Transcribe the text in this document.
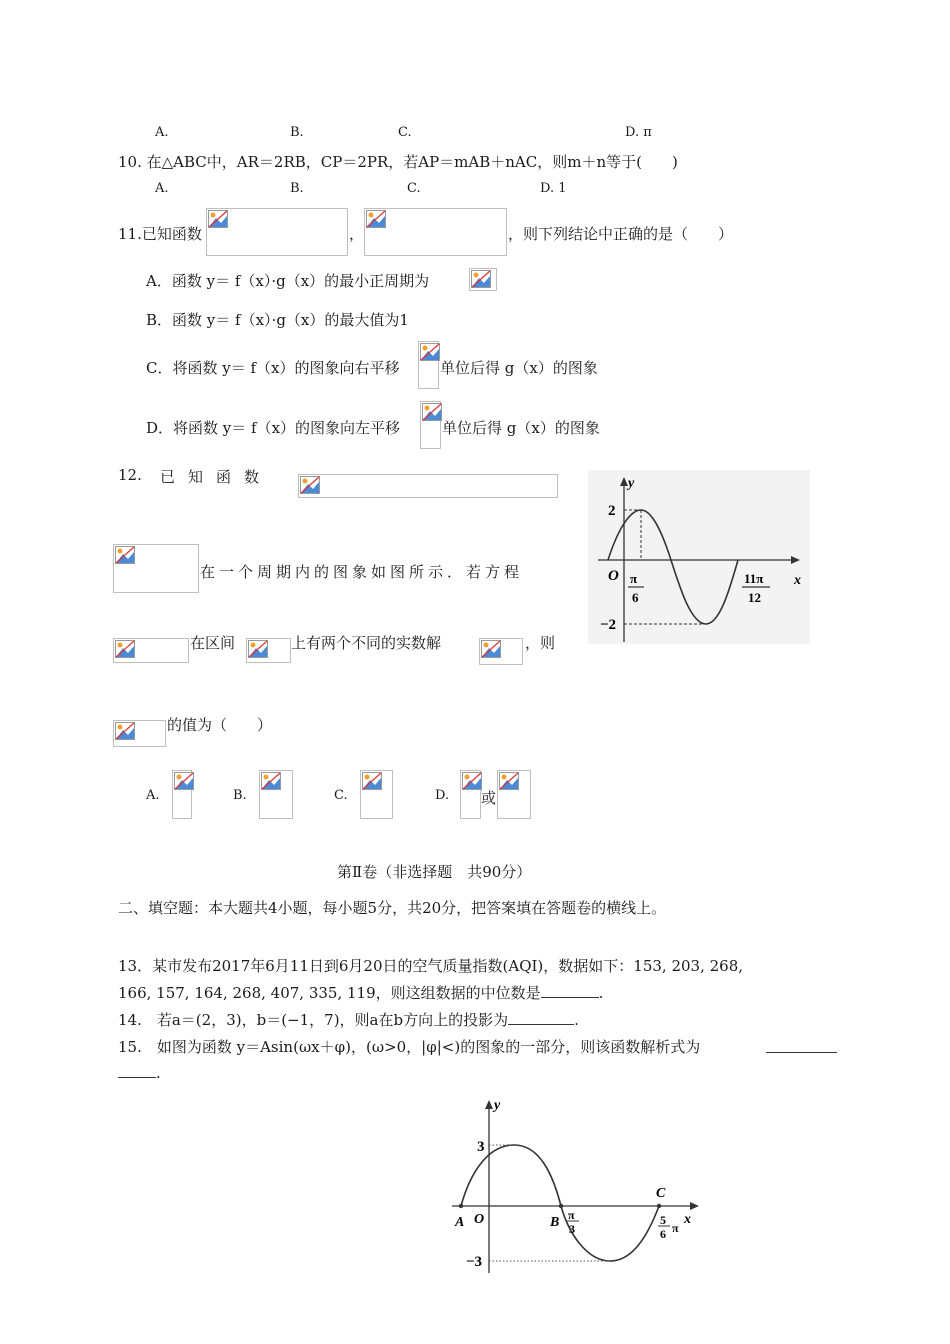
A.	B.	C.	D. π
10. 在△ABC中，AR＝2RB，CP＝2PR，若AP＝mAB＋nAC，则m＋n等于(　　)
A.	B.	C.	D. 1
11.已知函数	，	，则下列结论中正确的是（　　）
A．函数 y＝ f（x）·g（x）的最小正周期为
B．函数 y＝ f（x）·g（x）的最大值为1
C．将函数 y＝ f（x）的图象向右平移	单位后得 g（x）的图象
D．将函数 y＝ f（x）的图象向左平移	单位后得 g（x）的图象
12. 已知函数
在一个周期内的图象如图所示．若方程
在区间	上有两个不同的实数解	，则
的值为（　　）
A.	B.	C.	D. 或
y
x
2
−2
O π
6
11π
12
第Ⅱ卷（非选择题　共90分）
二、填空题：本大题共4小题，每小题5分，共20分，把答案填在答题卷的横线上。
13．某市发布2017年6月11日到6月20日的空气质量指数(AQI)，数据如下：153, 203, 268,
166, 157, 164, 268, 407, 335, 119，则这组数据的中位数是	.
14.　若a＝(2，3)，b＝(−1，7)，则a在b方向上的投影为	.
15.　如图为函数 y＝Asin(ωx＋φ)，(ω>0，|φ|<)的图象的一部分，则该函数解析式为
.
y
x
3
−3
A O	B π
3
C
5
6 π
